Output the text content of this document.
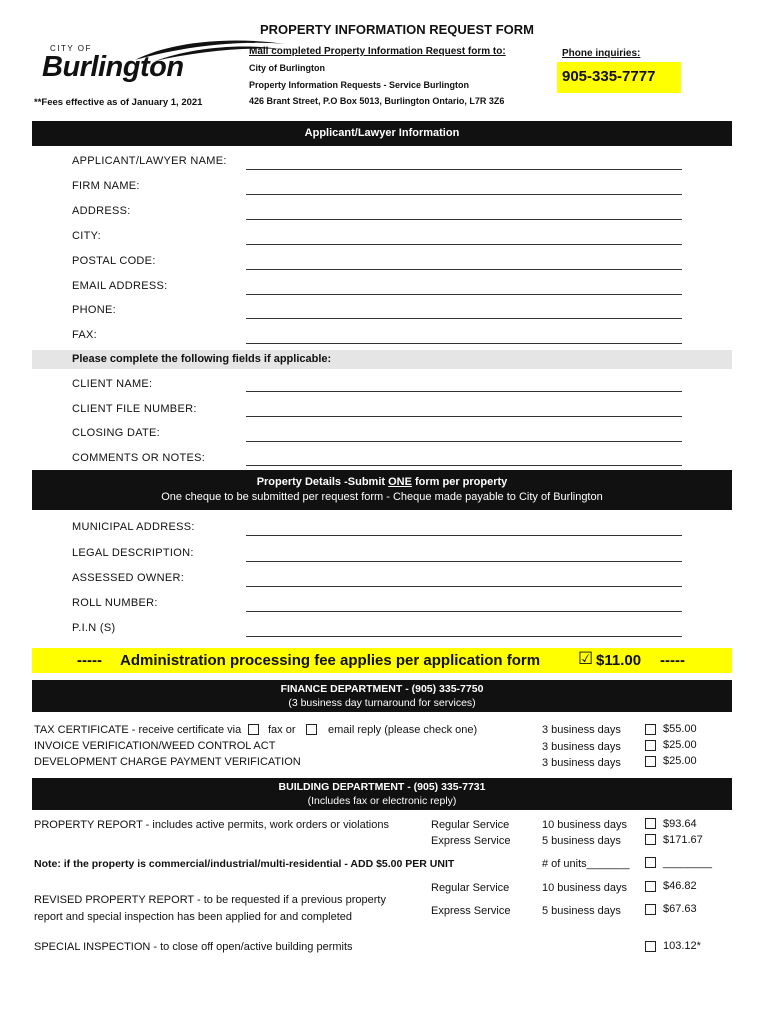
CITY OF
Burlington
**Fees effective as of January 1, 2021
PROPERTY INFORMATION REQUEST FORM
Mail completed Property Information Request form to:
City of Burlington
Property Information Requests - Service Burlington
426 Brant Street, P.O Box 5013, Burlington Ontario, L7R 3Z6
Phone inquiries:
905-335-7777
Applicant/Lawyer Information
APPLICANT/LAWYER NAME:
FIRM NAME:
ADDRESS:
CITY:
POSTAL CODE:
EMAIL ADDRESS:
PHONE:
FAX:
Please complete the following fields if applicable:
CLIENT NAME:
CLIENT FILE NUMBER:
CLOSING DATE:
COMMENTS OR NOTES:
Property Details -Submit ONE form per property
One cheque to be submitted per request form - Cheque made payable to City of Burlington
MUNICIPAL ADDRESS:
LEGAL DESCRIPTION:
ASSESSED OWNER:
ROLL NUMBER:
P.I.N (S)
----- Administration processing fee applies per application form ☑ $11.00 -----
FINANCE DEPARTMENT - (905) 335-7750
(3 business day turnaround for services)
TAX CERTIFICATE - receive certificate via fax or	email reply (please check one)	3 business days	$55.00
INVOICE VERIFICATION/WEED CONTROL ACT	3 business days	$25.00
DEVELOPMENT CHARGE PAYMENT VERIFICATION	3 business days	$25.00
BUILDING DEPARTMENT - (905) 335-7731
(Includes fax or electronic reply)
PROPERTY REPORT - includes active permits, work orders or violations	Regular Service	10 business days	$93.64
Express Service	5 business days	$171.67
Note: if the property is commercial/industrial/multi-residential - ADD $5.00 PER UNIT	# of units_______	________
REVISED PROPERTY REPORT - to be requested if a previous property
report and special inspection has been applied for and completed
Regular Service	10 business days	$46.82
Express Service	5 business days	$67.63
SPECIAL INSPECTION - to close off open/active building permits	103.12*
